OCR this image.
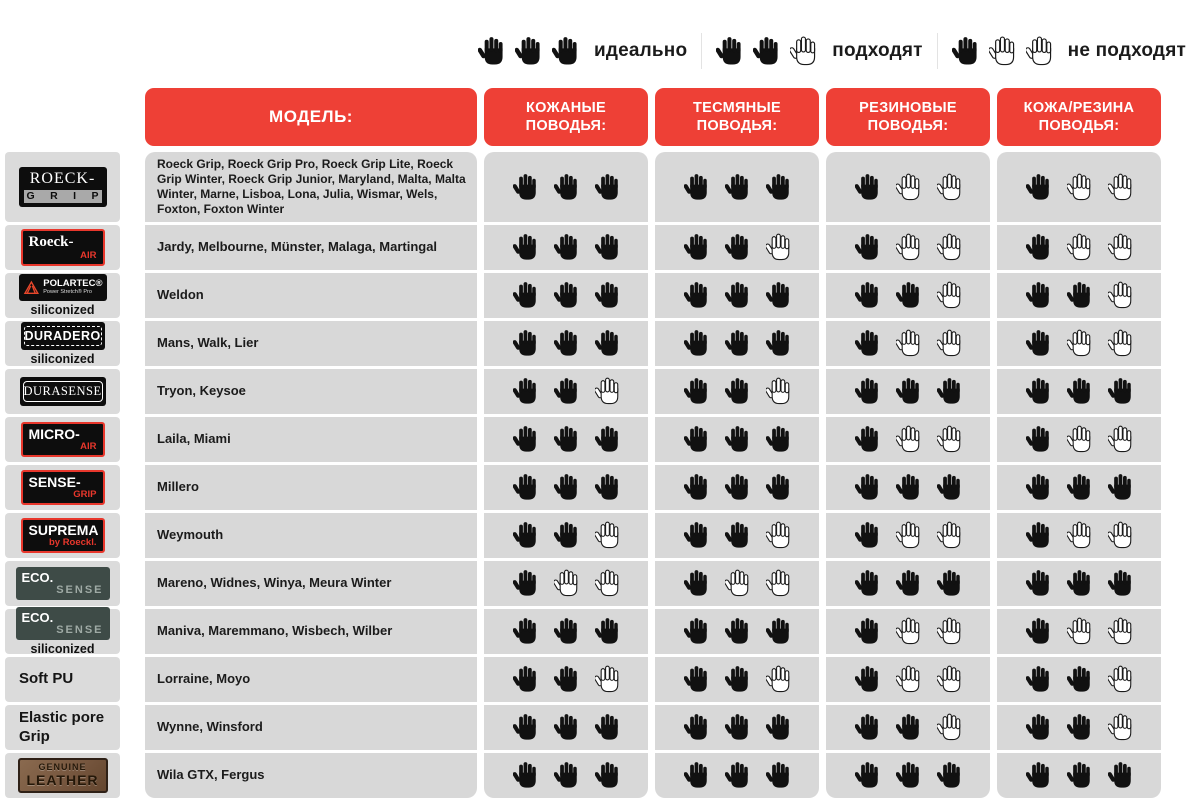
идеально	подходят	не подходят
ROECK-
G R I P
Roeck-
AIR
POLARTEC®
Power Stretch® Pro
siliconized
DURADERO
siliconized
DURASENSE
MICRO-
AIR
SENSE-
GRIP
SUPREMA
by Roeckl.
ECO.
SENSE
ECO.
SENSE
siliconized
Soft PU
Elastic pore Grip
GENUINE
LEATHER
МОДЕЛЬ:
Roeck Grip, Roeck Grip Pro, Roeck Grip Lite, Roeck Grip Winter, Roeck Grip Junior, Maryland, Malta, Malta Winter, Marne, Lisboa, Lona, Julia, Wismar, Wels, Foxton, Foxton Winter
Jardy, Melbourne, Münster, Malaga, Martingal
Weldon
Mans, Walk, Lier
Tryon, Keysoe
Laila, Miami
Millero
Weymouth
Mareno, Widnes, Winya, Meura Winter
Maniva, Maremmano, Wisbech, Wilber
Lorraine, Moyo
Wynne, Winsford
Wila GTX, Fergus
КОЖАНЫЕ
ПОВОДЬЯ:
ТЕСМЯНЫЕ
ПОВОДЬЯ:
РЕЗИНОВЫЕ
ПОВОДЬЯ:
КОЖА/РЕЗИНА
ПОВОДЬЯ:
